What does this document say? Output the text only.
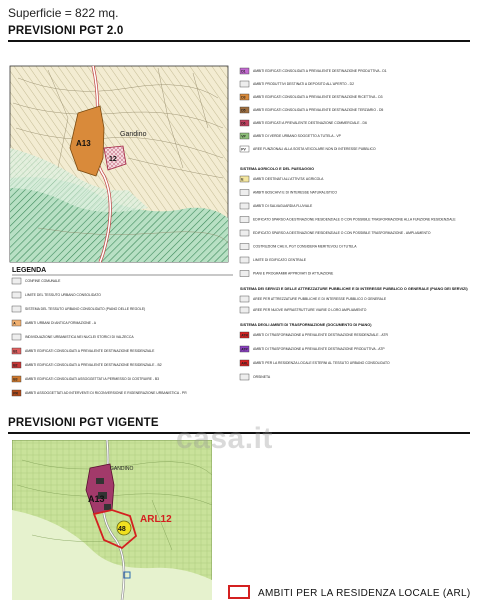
Superficie = 822 mq.
PREVISIONI PGT 2.0
A13
12
Gandino
LEGENDA
CONFINE COMUNALE
LIMITE DEL TESSUTO URBANO CONSOLIDATO
SISTEMA DEL TESSUTO URBANO CONSOLIDATO (PIANO DELLE REGOLE)
A	AMBITI URBANI DI ANTICA FORMAZIONE - A
INDIVIDUAZIONE URBANISTICA NEI NUCLEI STORICI DI VALZECCA
B1 AMBITI EDIFICATI CONSOLIDATI A PREVALENTE DESTINAZIONE RESIDENZIALE
B2 AMBITI EDIFICATI CONSOLIDATI A PREVALENTE DESTINAZIONE RESIDENZIALE - B2
B3 AMBITI EDIFICATI CONSOLIDATI ASSOGGETTATI A PERMESSO DI COSTRUIRE - B3
PR AMBITI ASSOGGETTATI AD INTERVENTI DI RICONVERSIONE E RIGENERAZIONE URBANISTICA - PR
D1 AMBITI EDIFICATI CONSOLIDATI A PREVALENTE DESTINAZIONE PRODUTTIVA - D1
AMBITI PRODUTTIVI DESTINATI A DEPOSITO ALL'APERTO - D2
D3 AMBITI EDIFICATI CONSOLIDATI A PREVALENTE DESTINAZIONE RICETTIVA - D3
D5 AMBITI EDIFICATI CONSOLIDATI A PREVALENTE DESTINAZIONE TERZIARIO - D5
D6 AMBITI EDIFICATI A PREVALENTE DESTINAZIONE COMMERCIALE - D6
VP AMBITI DI VERDE URBANO SOGGETTO A TUTELA - VP
PV AREE FUNZIONALI ALLA SOSTA VEICOLARE NON DI INTERESSE PUBBLICO
SISTEMA AGRICOLO E DEL PAESAGGIO
E	AMBITI DESTINATI ALL'ATTIVITA' AGRICOLA
AMBITI BOSCHIVI E DI INTERESSE NATURALISTICO
AMBITI DI SALVAGUARDIA FLUVIALE
EDIFICATO SPARSO A DESTINAZIONE RESIDENZIALE O CON POSSIBILE TRASFORMAZIONE ALLA FUNZIONE RESIDENZIALE
EDIFICATO SPARSO A DESTINAZIONE RESIDENZIALE O CON POSSIBILE TRASFORMAZIONE - AMPLIAMENTO
COSTRUZIONI CHE IL PGT CONSIDERA MERITEVOLI DI TUTELA
LIMITE DI EDIFICATO CENTRALE
PIANI E PROGRAMMI APPROVATI DI ATTUAZIONE
SISTEMA DEI SERVIZI E DELLE ATTREZZATURE PUBBLICHE E DI INTERESSE PUBBLICO O GENERALE (PIANO DEI SERVIZI)
AREE PER ATTREZZATURE PUBBLICHE E DI INTERESSE PUBBLICO O GENERALE
AREE PER NUOVE INFRASTRUTTURE VIARIE O LORO AMPLIAMENTO
SISTEMA DEGLI AMBITI DI TRASFORMAZIONE (DOCUMENTO DI PIANO)
ATR AMBITI DI TRASFORMAZIONE A PREVALENTE DESTINAZIONE RESIDENZIALE - ATR
ATP AMBITI DI TRASFORMAZIONE A PREVALENTE DESTINAZIONE PRODUTTIVA - ATP
ARL AMBITI PER LA RESIDENZA LOCALE ESTERNI AL TESSUTO URBANO CONSOLIDATO
ORSINETA
PREVISIONI PGT VIGENTE
A13
GANDINO
48
ARL12
casa.it
AMBITI PER LA RESIDENZA LOCALE (ARL)
